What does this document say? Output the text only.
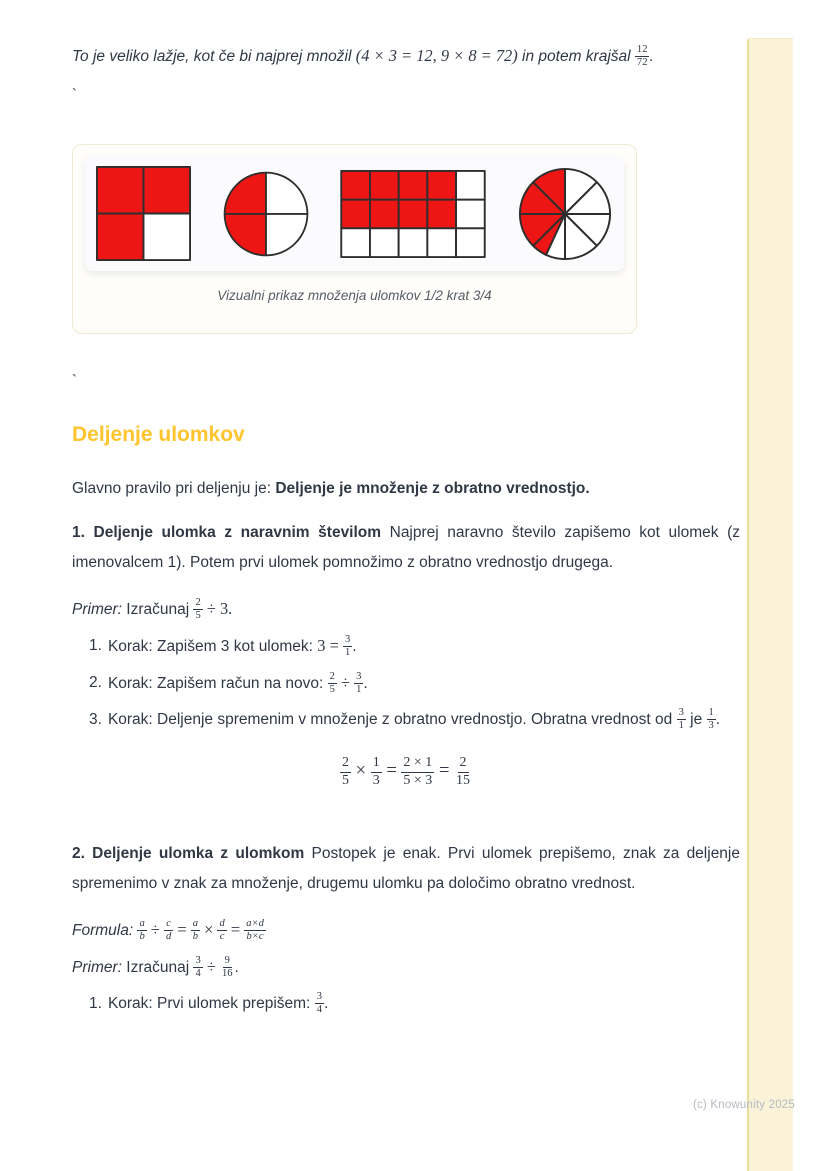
To je veliko lažje, kot če bi najprej množil (4 × 3 = 12, 9 × 8 = 72) in potem krajšal $\frac{12}{72}$ .

`

Vizualni prikaz množenja ulomkov 1/2 krat 3/4

`

Deljenje ulomkov

Glavno pravilo pri deljenju je: Deljenje je množenje z obratno vrednostjo.

1. Deljenje ulomka z naravnim številom Najprej naravno število zapišemo kot ulomek (z imenovalcem 1). Potem prvi ulomek pomnožimo z obratno vrednostjo drugega.

Primer: Izračunaj $\frac{2}{5} \div 3$.

1. Korak: Zapišem 3 kot ulomek: $3 = \frac{3}{1}$ .
2. Korak: Zapišem račun na novo: $\frac{2}{5} \div \frac{3}{1}$ .
3. Korak: Deljenje spremenim v množenje z obratno vrednostjo. Obratna vrednost od $\frac{3}{1}$ je $\frac{1}{3}$ .
$\frac{2}{5} \times \frac{1}{3} = \frac{2 \times 1}{5 \times 3} = \frac{2}{15}$

2. Deljenje ulomka z ulomkom Postopek je enak. Prvi ulomek prepišemo, znak za deljenje spremenimo v znak za množenje, drugemu ulomku pa določimo obratno vrednost.

Formula: $\frac{a}{b} \div \frac{c}{d} = \frac{a}{b} \times \frac{d}{c} = \frac{a\times d}{b\times c}$

Primer: Izračunaj $\frac{3}{4} \div \frac{9}{16}$ .

1. Korak: Prvi ulomek prepišem: $\frac{3}{4}$ .
(c) Knowunity 2025
